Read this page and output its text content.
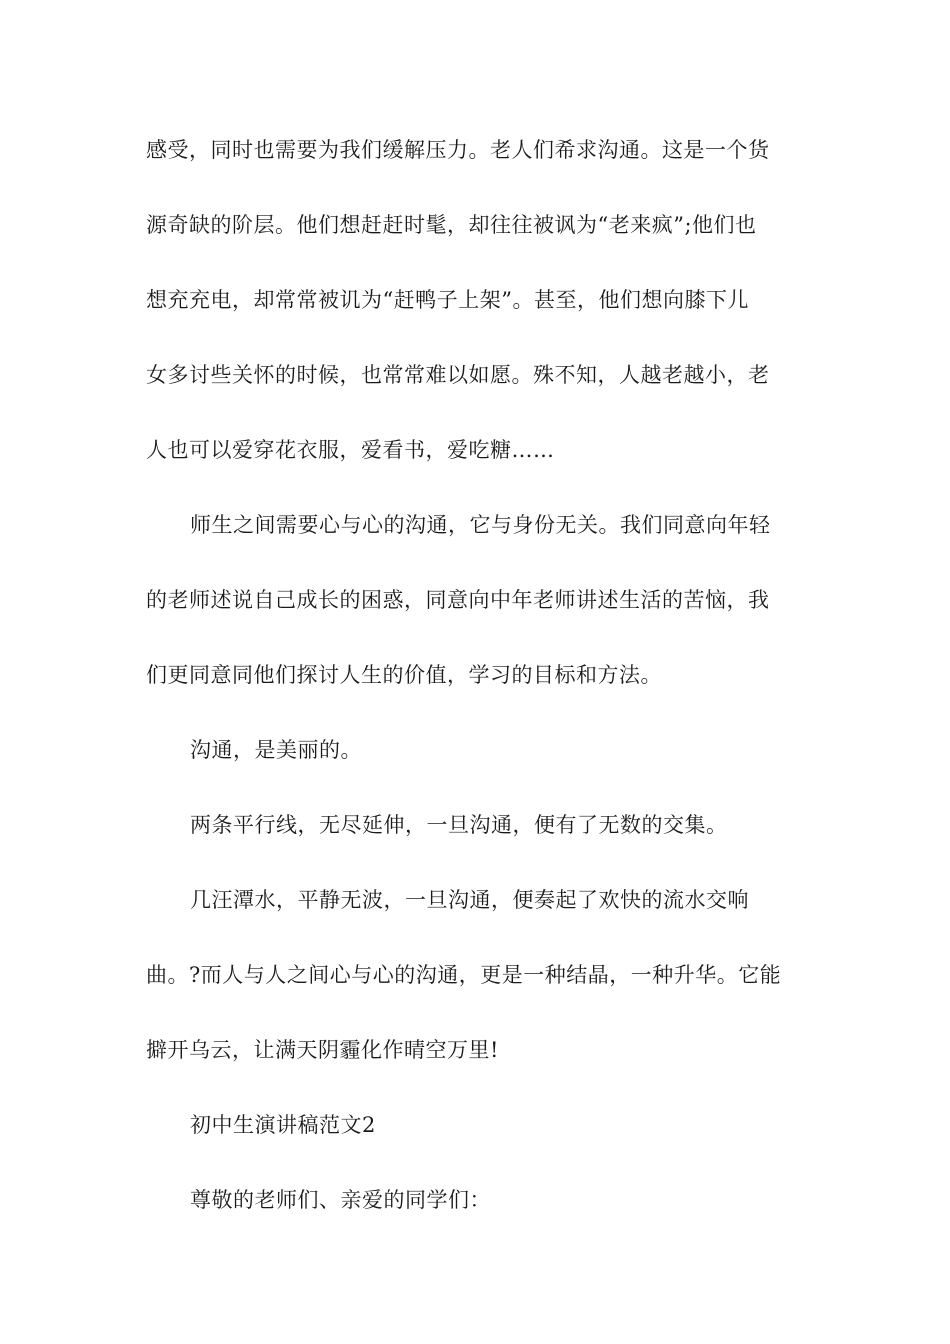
感受，同时也需要为我们缓解压力。老人们希求沟通。这是一个货
源奇缺的阶层。他们想赶赶时髦，却往往被讽为“老来疯”;他们也
想充充电，却常常被讥为“赶鸭子上架”。甚至，他们想向膝下儿
女多讨些关怀的时候，也常常难以如愿。殊不知，人越老越小，老
人也可以爱穿花衣服，爱看书，爱吃糖……
师生之间需要心与心的沟通，它与身份无关。我们同意向年轻
的老师述说自己成长的困惑，同意向中年老师讲述生活的苦恼，我
们更同意同他们探讨人生的价值，学习的目标和方法。
沟通，是美丽的。
两条平行线，无尽延伸，一旦沟通，便有了无数的交集。
几汪潭水，平静无波，一旦沟通，便奏起了欢快的流水交响
曲。?而人与人之间心与心的沟通，更是一种结晶，一种升华。它能
擗开乌云，让满天阴霾化作晴空万里!
初中生演讲稿范文2
尊敬的老师们、亲爱的同学们：
